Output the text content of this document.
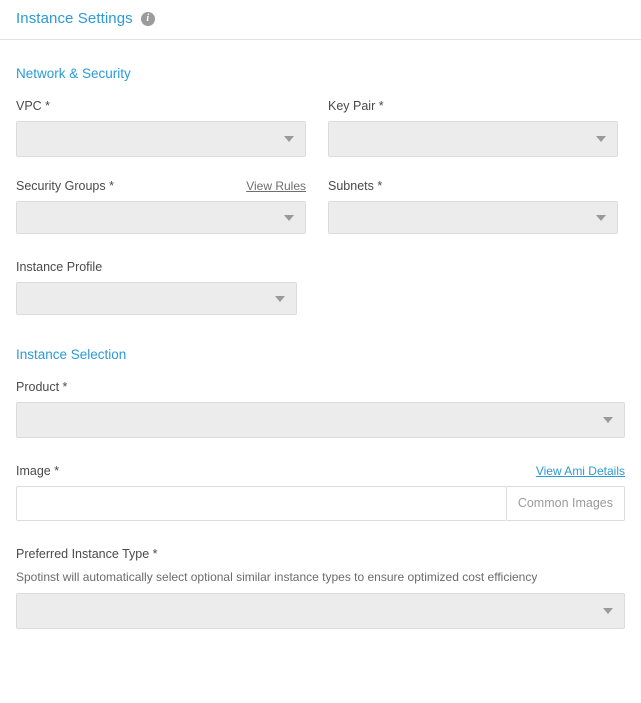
Instance Settings	i
Network & Security
VPC *	Key Pair *
Security Groups *	View Rules Subnets *
Instance Profile
Instance Selection
Product *
Image *	View Ami Details
Common Images
Preferred Instance Type *
Spotinst will automatically select optional similar instance types to ensure optimized cost efficiency
